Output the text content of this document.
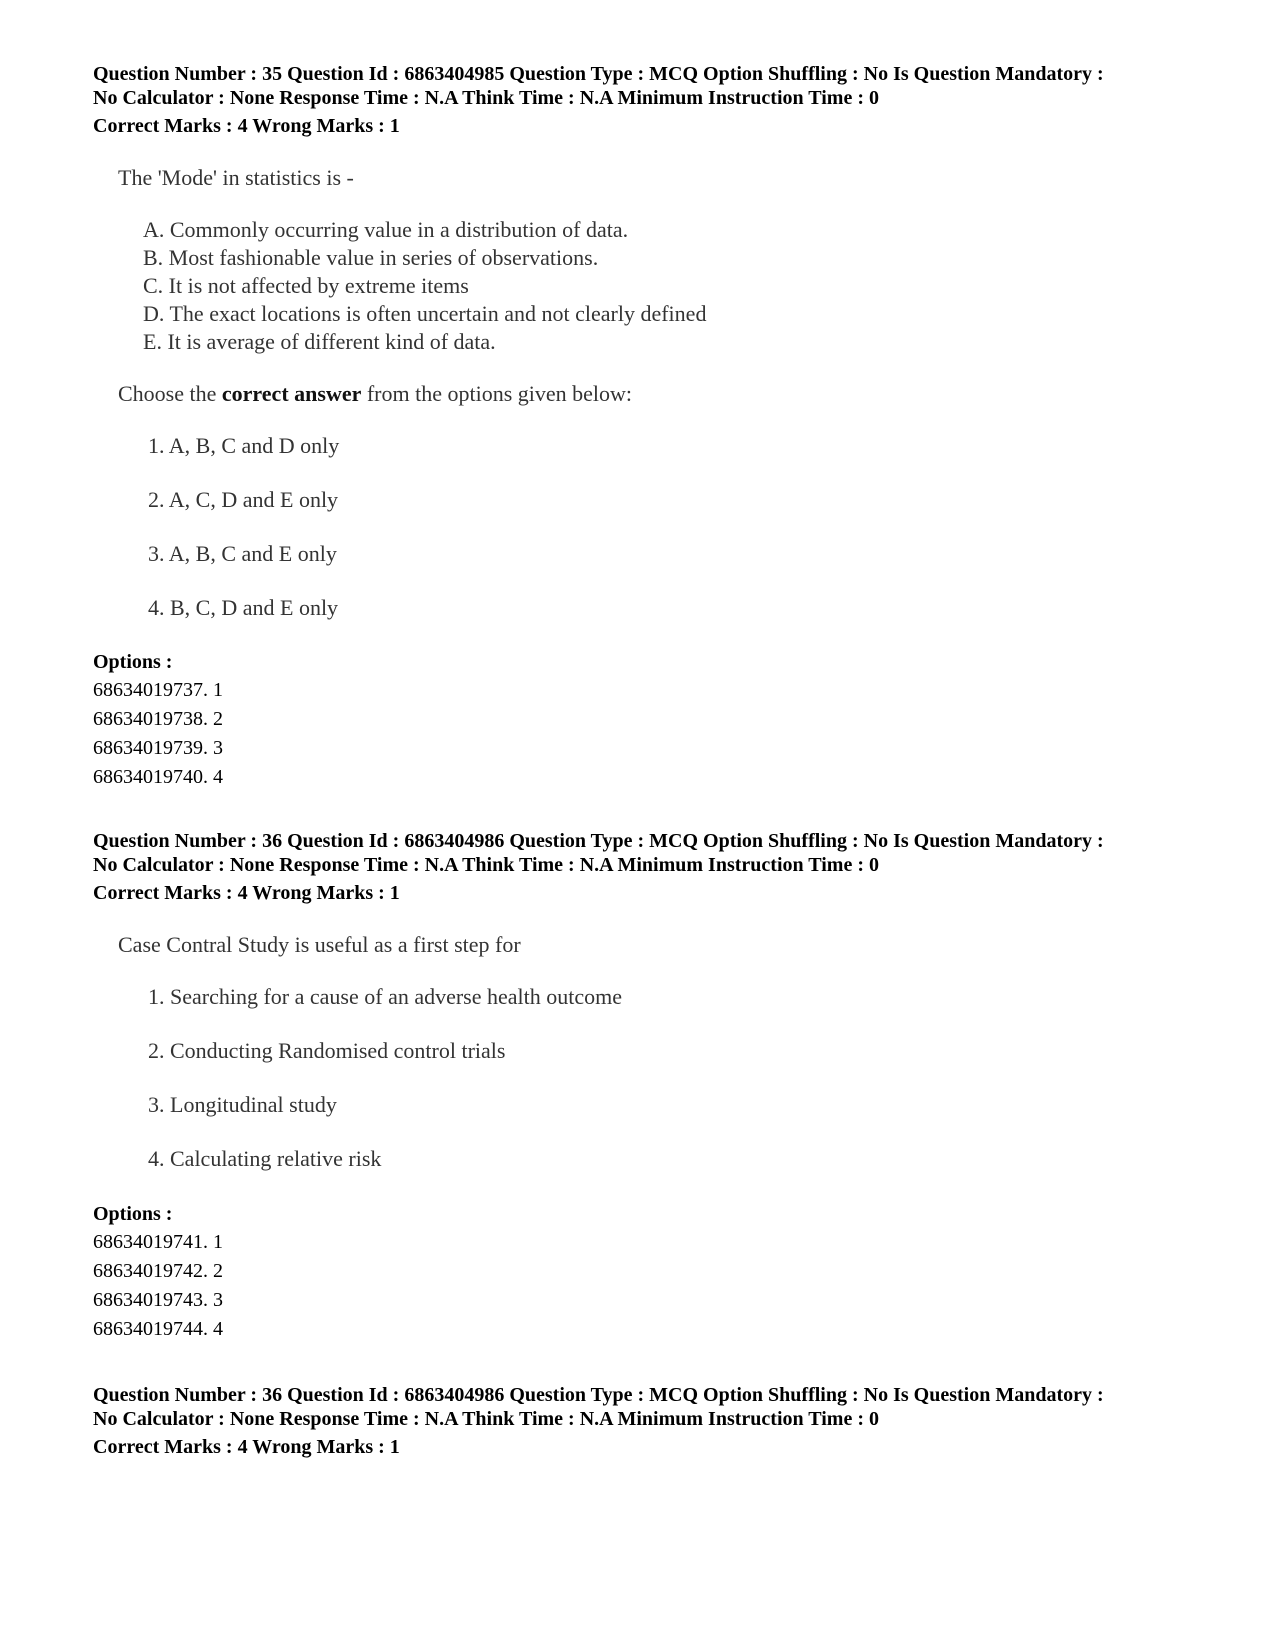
Question Number : 35 Question Id : 6863404985 Question Type : MCQ Option Shuffling : No Is Question Mandatory :
No Calculator : None Response Time : N.A Think Time : N.A Minimum Instruction Time : 0
Correct Marks : 4 Wrong Marks : 1
The 'Mode' in statistics is -
A. Commonly occurring value in a distribution of data.
B. Most fashionable value in series of observations.
C. It is not affected by extreme items
D. The exact locations is often uncertain and not clearly defined
E. It is average of different kind of data.
Choose the correct answer from the options given below:
1. A, B, C and D only
2. A, C, D and E only
3. A, B, C and E only
4. B, C, D and E only
Options :
68634019737. 1
68634019738. 2
68634019739. 3
68634019740. 4
Question Number : 36 Question Id : 6863404986 Question Type : MCQ Option Shuffling : No Is Question Mandatory :
No Calculator : None Response Time : N.A Think Time : N.A Minimum Instruction Time : 0
Correct Marks : 4 Wrong Marks : 1
Case Contral Study is useful as a first step for
1. Searching for a cause of an adverse health outcome
2. Conducting Randomised control trials
3. Longitudinal study
4. Calculating relative risk
Options :
68634019741. 1
68634019742. 2
68634019743. 3
68634019744. 4
Question Number : 36 Question Id : 6863404986 Question Type : MCQ Option Shuffling : No Is Question Mandatory :
No Calculator : None Response Time : N.A Think Time : N.A Minimum Instruction Time : 0
Correct Marks : 4 Wrong Marks : 1
